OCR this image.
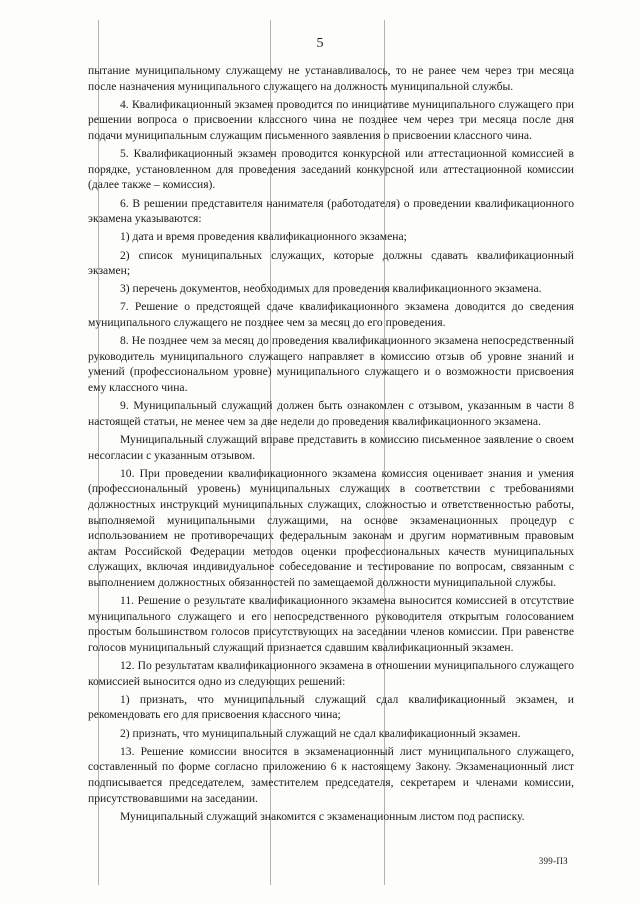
5

пытание муниципальному служащему не устанавливалось, то не ранее чем через три месяца после назначения муниципального служащего на должность муниципальной службы.

4. Квалификационный экзамен проводится по инициативе муниципального служащего при решении вопроса о присвоении классного чина не позднее чем через три месяца после дня подачи муниципальным служащим письменного заявления о присвоении классного чина.

5. Квалификационный экзамен проводится конкурсной или аттестационной комиссией в порядке, установленном для проведения заседаний конкурсной или аттестационной комиссии (далее также – комиссия).

6. В решении представителя нанимателя (работодателя) о проведении квалификационного экзамена указываются:

1) дата и время проведения квалификационного экзамена;

2) список муниципальных служащих, которые должны сдавать квалификационный экзамен;

3) перечень документов, необходимых для проведения квалификационного экзамена.

7. Решение о предстоящей сдаче квалификационного экзамена доводится до сведения муниципального служащего не позднее чем за месяц до его проведения.

8. Не позднее чем за месяц до проведения квалификационного экзамена непосредственный руководитель муниципального служащего направляет в комиссию отзыв об уровне знаний и умений (профессиональном уровне) муниципального служащего и о возможности присвоения ему классного чина.

9. Муниципальный служащий должен быть ознакомлен с отзывом, указанным в части 8 настоящей статьи, не менее чем за две недели до проведения квалификационного экзамена.

Муниципальный служащий вправе представить в комиссию письменное заявление о своем несогласии с указанным отзывом.

10. При проведении квалификационного экзамена комиссия оценивает знания и умения (профессиональный уровень) муниципальных служащих в соответствии с требованиями должностных инструкций муниципальных служащих, сложностью и ответственностью работы, выполняемой муниципальными служащими, на основе экзаменационных процедур с использованием не противоречащих федеральным законам и другим нормативным правовым актам Российской Федерации методов оценки профессиональных качеств муниципальных служащих, включая индивидуальное собеседование и тестирование по вопросам, связанным с выполнением должностных обязанностей по замещаемой должности муниципальной службы.

11. Решение о результате квалификационного экзамена выносится комиссией в отсутствие муниципального служащего и его непосредственного руководителя открытым голосованием простым большинством голосов присутствующих на заседании членов комиссии. При равенстве голосов муниципальный служащий признается сдавшим квалификационный экзамен.

12. По результатам квалификационного экзамена в отношении муниципального служащего комиссией выносится одно из следующих решений:

1) признать, что муниципальный служащий сдал квалификационный экзамен, и рекомендовать его для присвоения классного чина;

2) признать, что муниципальный служащий не сдал квалификационный экзамен.

13. Решение комиссии вносится в экзаменационный лист муниципального служащего, составленный по форме согласно приложению 6 к настоящему Закону. Экзаменационный лист подписывается председателем, заместителем председателя, секретарем и членами комиссии, присутствовавшими на заседании.

Муниципальный служащий знакомится с экзаменационным листом под расписку.

399-ПЗ
